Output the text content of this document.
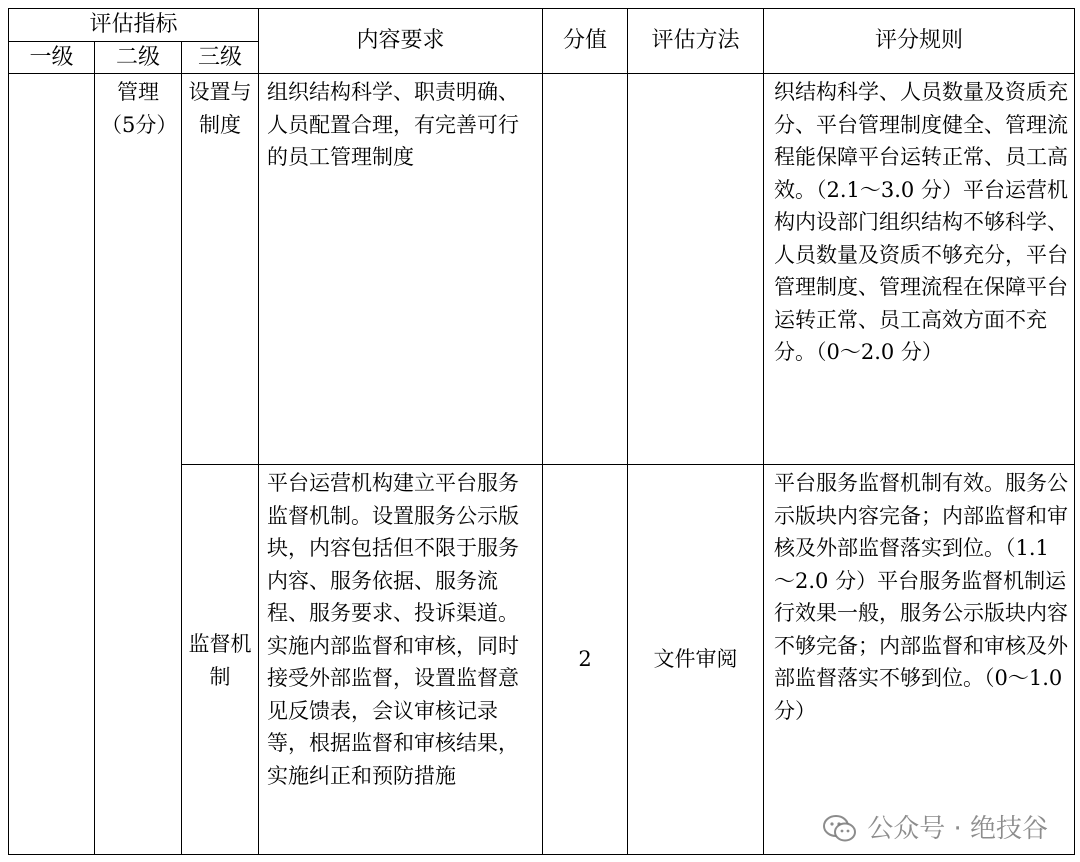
评估指标			内容要求	分值	评估方法	评分规则
一级	二级	三级				

	管理（5分）	设置与制度	组织结构科学、职责明确、人员配置合理，有完善可行的员工管理制度			织结构科学、人员数量及资质充分、平台管理制度健全、管理流程能保障平台运转正常、员工高效。（2.1～3.0 分）平台运营机构内设部门组织结构不够科学、人员数量及资质不够充分，平台管理制度、管理流程在保障平台运转正常、员工高效方面不充分。（0～2.0 分）

		监督机制	平台运营机构建立平台服务监督机制。设置服务公示版块，内容包括但不限于服务内容、服务依据、服务流程、服务要求、投诉渠道。实施内部监督和审核，同时接受外部监督，设置监督意见反馈表，会议审核记录等，根据监督和审核结果，实施纠正和预防措施	2	文件审阅	平台服务监督机制有效。服务公示版块内容完备；内部监督和审核及外部监督落实到位。（1.1～2.0 分）平台服务监督机制运行效果一般，服务公示版块内容不够完备；内部监督和审核及外部监督落实不够到位。（0～1.0 分）
公众号 · 绝技谷
